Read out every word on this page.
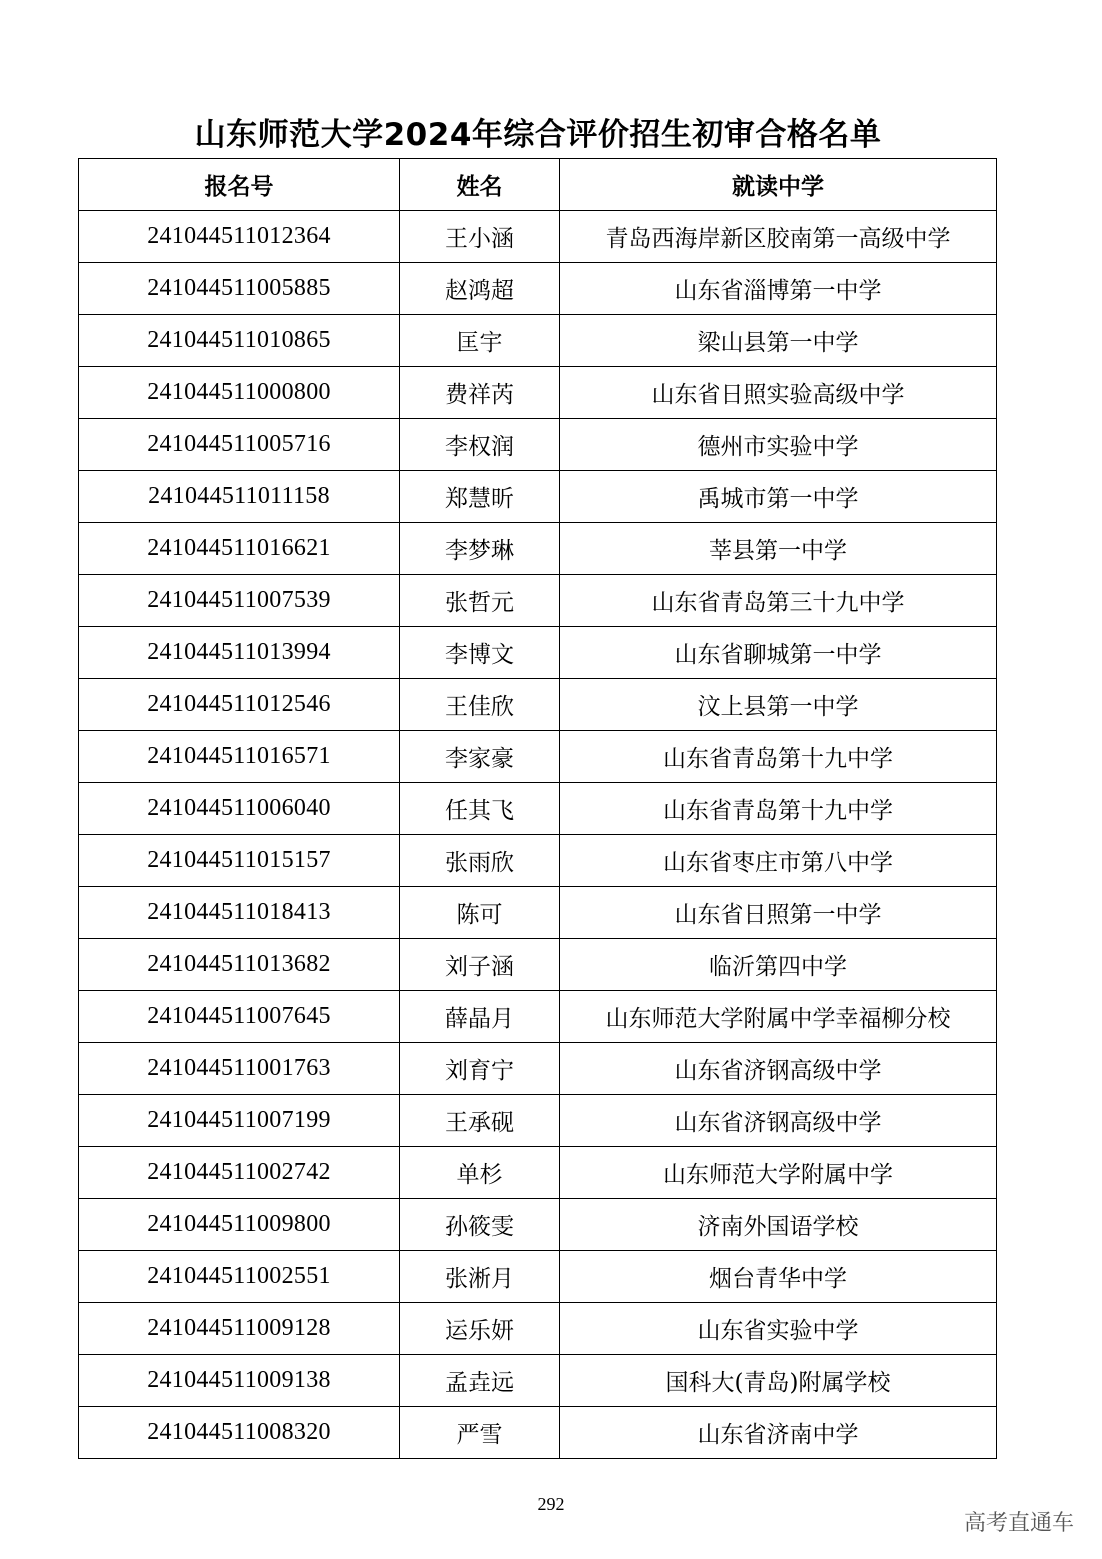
山东师范大学2024年综合评价招生初审合格名单
报名号	姓名	就读中学
241044511012364	王小涵	青岛西海岸新区胶南第一高级中学
241044511005885	赵鸿超	山东省淄博第一中学
241044511010865	匡宇	梁山县第一中学
241044511000800	费祥芮	山东省日照实验高级中学
241044511005716	李权润	德州市实验中学
241044511011158	郑慧昕	禹城市第一中学
241044511016621	李梦琳	莘县第一中学
241044511007539	张哲元	山东省青岛第三十九中学
241044511013994	李博文	山东省聊城第一中学
241044511012546	王佳欣	汶上县第一中学
241044511016571	李家豪	山东省青岛第十九中学
241044511006040	任其飞	山东省青岛第十九中学
241044511015157	张雨欣	山东省枣庄市第八中学
241044511018413	陈可	山东省日照第一中学
241044511013682	刘子涵	临沂第四中学
241044511007645	薛晶月	山东师范大学附属中学幸福柳分校
241044511001763	刘育宁	山东省济钢高级中学
241044511007199	王承砚	山东省济钢高级中学
241044511002742	单杉	山东师范大学附属中学
241044511009800	孙筱雯	济南外国语学校
241044511002551	张淅月	烟台青华中学
241044511009128	运乐妍	山东省实验中学
241044511009138	孟垚远	国科大(青岛)附属学校
241044511008320	严雪	山东省济南中学
292
高考直通车
